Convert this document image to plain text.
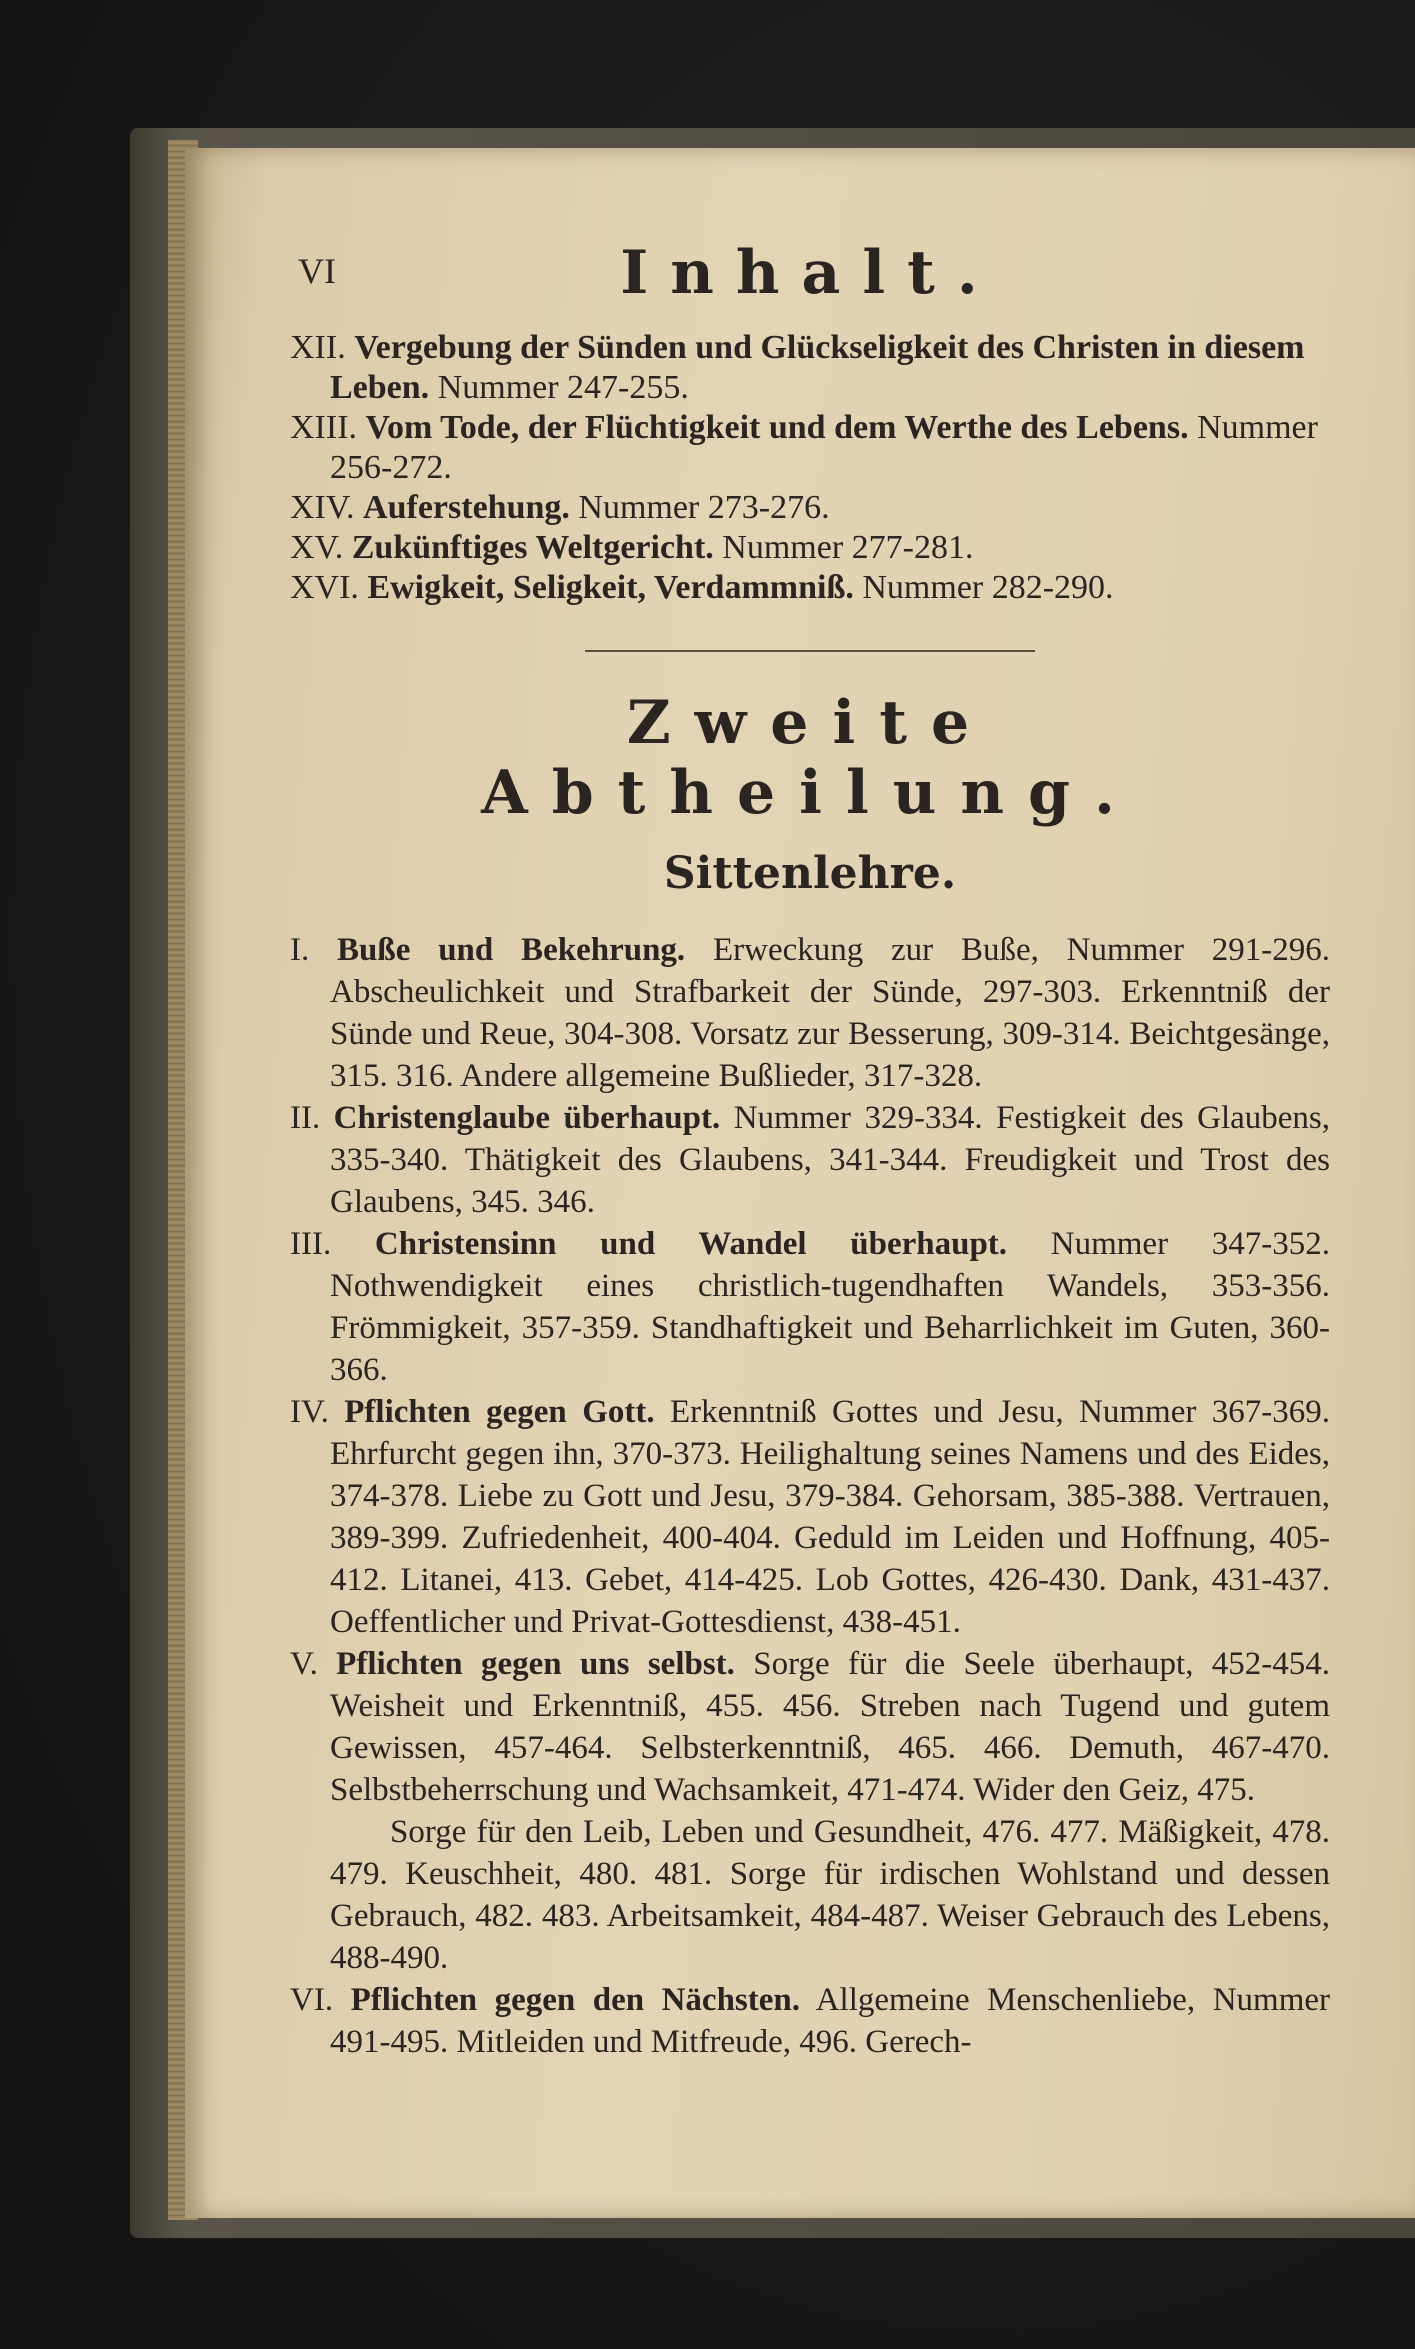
VI	Inhalt.

XII. Vergebung der Sünden und Glückseligkeit des Christen in diesem Leben. Nummer 247-255.

XIII. Vom Tode, der Flüchtigkeit und dem Werthe des Lebens. Nummer 256-272.

XIV. Auferstehung. Nummer 273-276.

XV. Zukünftiges Weltgericht. Nummer 277-281.

XVI. Ewigkeit, Seligkeit, Verdammniß. Nummer 282-290.

Zweite Abtheilung.
Sittenlehre.

I. Buße und Bekehrung. Erweckung zur Buße, Nummer 291-296. Abscheulichkeit und Strafbarkeit der Sünde, 297-303. Erkenntniß der Sünde und Reue, 304-308. Vorsatz zur Besserung, 309-314. Beichtgesänge, 315. 316. Andere allgemeine Bußlieder, 317-328.

II. Christenglaube überhaupt. Nummer 329-334. Festigkeit des Glaubens, 335-340. Thätigkeit des Glaubens, 341-344. Freudigkeit und Trost des Glaubens, 345. 346.

III. Christensinn und Wandel überhaupt. Nummer 347-352. Nothwendigkeit eines christlich-tugendhaften Wandels, 353-356. Frömmigkeit, 357-359. Standhaftigkeit und Beharrlichkeit im Guten, 360-366.

IV. Pflichten gegen Gott. Erkenntniß Gottes und Jesu, Nummer 367-369. Ehrfurcht gegen ihn, 370-373. Heilighaltung seines Namens und des Eides, 374-378. Liebe zu Gott und Jesu, 379-384. Gehorsam, 385-388. Vertrauen, 389-399. Zufriedenheit, 400-404. Geduld im Leiden und Hoffnung, 405-412. Litanei, 413. Gebet, 414-425. Lob Gottes, 426-430. Dank, 431-437. Oeffentlicher und Privat-Gottesdienst, 438-451.

V. Pflichten gegen uns selbst. Sorge für die Seele überhaupt, 452-454. Weisheit und Erkenntniß, 455. 456. Streben nach Tugend und gutem Gewissen, 457-464. Selbsterkenntniß, 465. 466. Demuth, 467-470. Selbstbeherrschung und Wachsamkeit, 471-474. Wider den Geiz, 475.

Sorge für den Leib, Leben und Gesundheit, 476. 477. Mäßigkeit, 478. 479. Keuschheit, 480. 481. Sorge für irdischen Wohlstand und dessen Gebrauch, 482. 483. Arbeitsamkeit, 484-487. Weiser Gebrauch des Lebens, 488-490.

VI. Pflichten gegen den Nächsten. Allgemeine Menschenliebe, Nummer 491-495. Mitleiden und Mitfreude, 496. Gerech-
